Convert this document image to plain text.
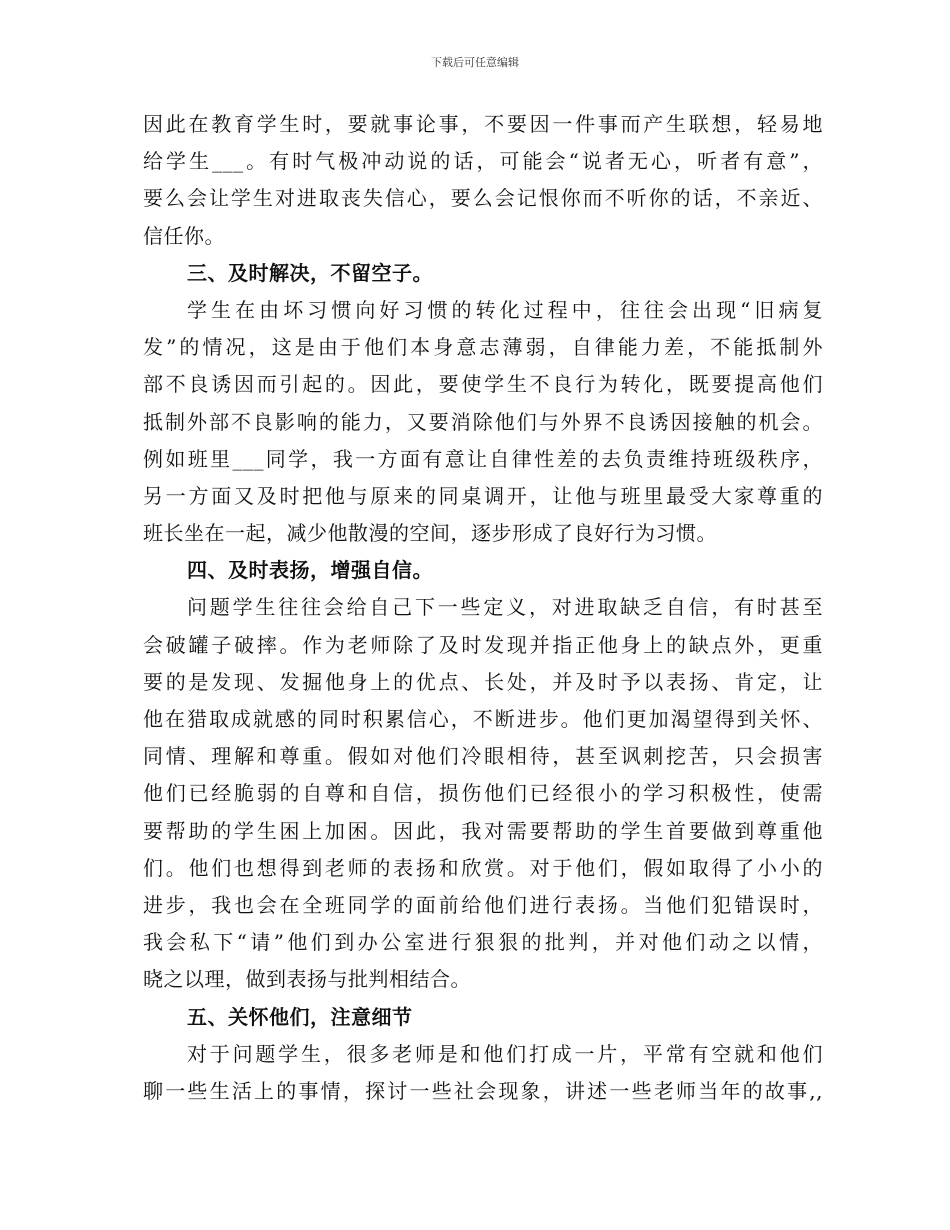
下载后可任意编辑
因此在教育学生时，要就事论事，不要因一件事而产生联想，轻易地
给学生___。有时气极冲动说的话，可能会“说者无心，听者有意”，
要么会让学生对进取丧失信心，要么会记恨你而不听你的话，不亲近、
信任你。
三、及时解决，不留空子。
学生在由坏习惯向好习惯的转化过程中，往往会出现“旧病复
发”的情况，这是由于他们本身意志薄弱，自律能力差，不能抵制外
部不良诱因而引起的。因此，要使学生不良行为转化，既要提高他们
抵制外部不良影响的能力，又要消除他们与外界不良诱因接触的机会。
例如班里___同学，我一方面有意让自律性差的去负责维持班级秩序，
另一方面又及时把他与原来的同桌调开，让他与班里最受大家尊重的
班长坐在一起，减少他散漫的空间，逐步形成了良好行为习惯。
四、及时表扬，增强自信。
问题学生往往会给自己下一些定义，对进取缺乏自信，有时甚至
会破罐子破摔。作为老师除了及时发现并指正他身上的缺点外，更重
要的是发现、发掘他身上的优点、长处，并及时予以表扬、肯定，让
他在猎取成就感的同时积累信心，不断进步。他们更加渴望得到关怀、
同情、理解和尊重。假如对他们冷眼相待，甚至讽刺挖苦，只会损害
他们已经脆弱的自尊和自信，损伤他们已经很小的学习积极性，使需
要帮助的学生困上加困。因此，我对需要帮助的学生首要做到尊重他
们。他们也想得到老师的表扬和欣赏。对于他们，假如取得了小小的
进步，我也会在全班同学的面前给他们进行表扬。当他们犯错误时，
我会私下“请”他们到办公室进行狠狠的批判，并对他们动之以情，
晓之以理，做到表扬与批判相结合。
五、关怀他们，注意细节
对于问题学生，很多老师是和他们打成一片，平常有空就和他们
聊一些生活上的事情，探讨一些社会现象，讲述一些老师当年的故事,,
